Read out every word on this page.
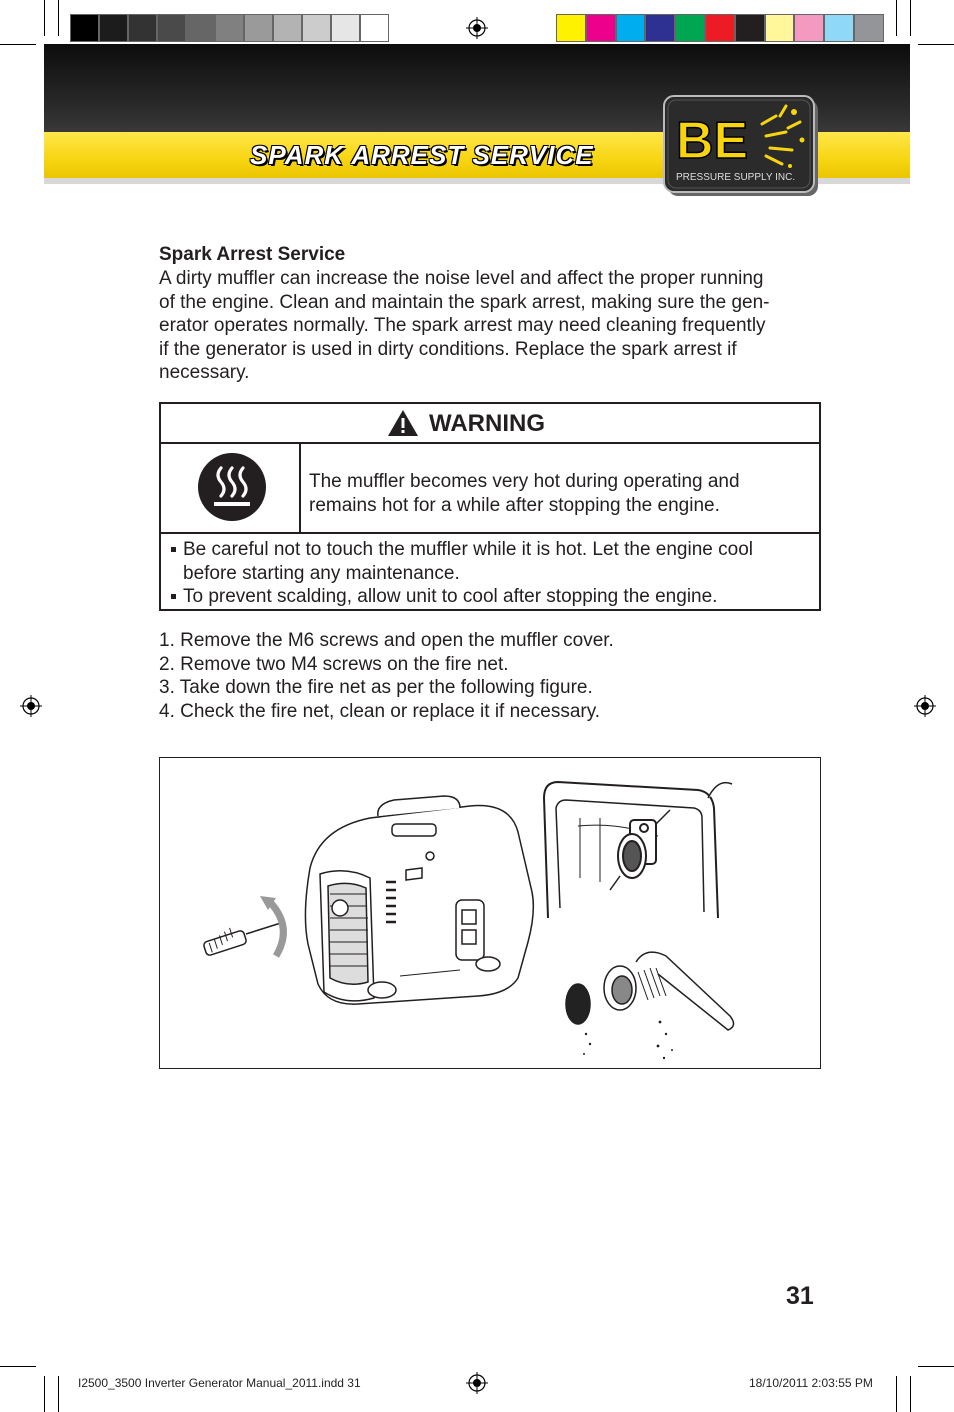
SPARK ARREST SERVICE BE
PRESSURE SUPPLY INC.
Spark Arrest Service
A dirty muffler can increase the noise level and affect the proper running
of the engine. Clean and maintain the spark arrest, making sure the gen-
erator operates normally. The spark arrest may need cleaning frequently
if the generator is used in dirty conditions. Replace the spark arrest if
necessary.
WARNING
The muffler becomes very hot during operating and
remains hot for a while after stopping the engine.
Be careful not to touch the muffler while it is hot. Let the engine cool
before starting any maintenance.
To prevent scalding, allow unit to cool after stopping the engine.
1. Remove the M6 screws and open the muffler cover.
2. Remove two M4 screws on the fire net.
3. Take down the fire net as per the following figure.
4. Check the fire net, clean or replace it if necessary.
31
I2500_3500 Inverter Generator Manual_2011.indd 31	18/10/2011 2:03:55 PM
